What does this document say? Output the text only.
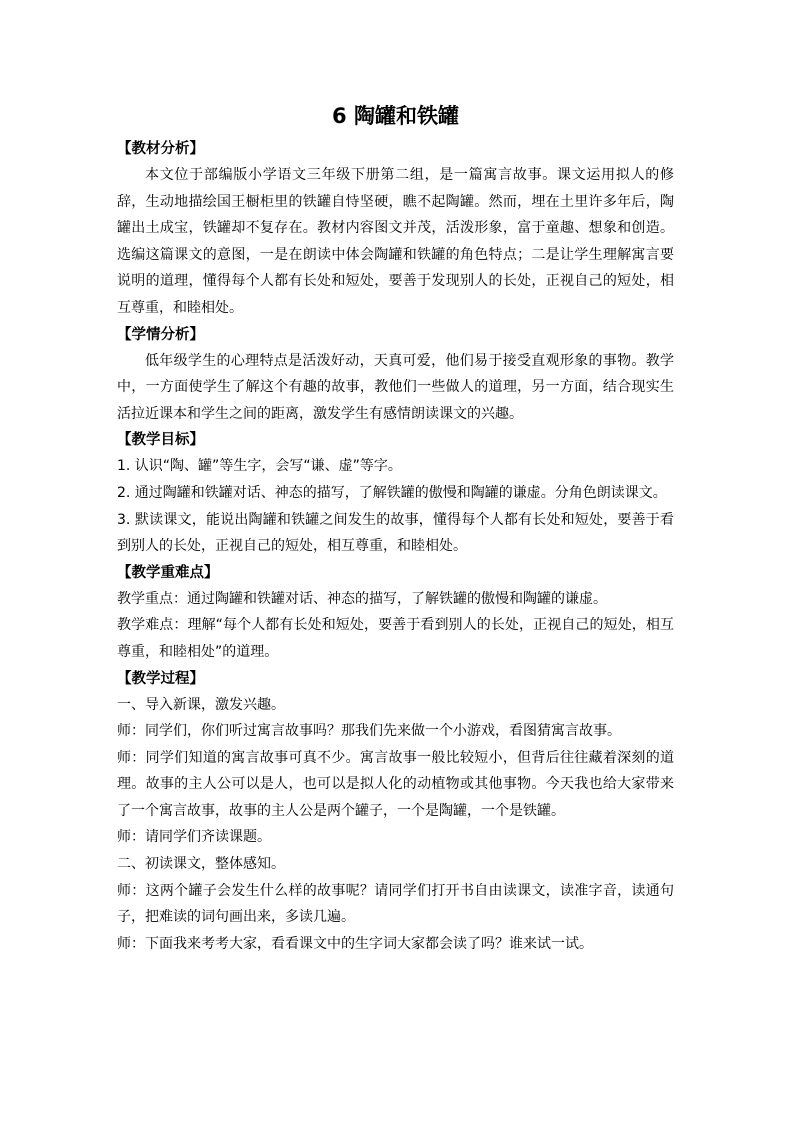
6 陶罐和铁罐

【教材分析】

本文位于部编版小学语文三年级下册第二组，是一篇寓言故事。课文运用拟人的修辞，生动地描绘国王橱柜里的铁罐自恃坚硬，瞧不起陶罐。然而，埋在土里许多年后，陶罐出土成宝，铁罐却不复存在。教材内容图文并茂，活泼形象，富于童趣、想象和创造。选编这篇课文的意图，一是在朗读中体会陶罐和铁罐的角色特点；二是让学生理解寓言要说明的道理，懂得每个人都有长处和短处，要善于发现别人的长处，正视自己的短处，相互尊重，和睦相处。

【学情分析】

低年级学生的心理特点是活泼好动，天真可爱，他们易于接受直观形象的事物。教学中，一方面使学生了解这个有趣的故事，教他们一些做人的道理，另一方面，结合现实生活拉近课本和学生之间的距离，激发学生有感情朗读课文的兴趣。

【教学目标】

1. 认识“陶、罐”等生字，会写“谦、虚”等字。

2. 通过陶罐和铁罐对话、神态的描写，了解铁罐的傲慢和陶罐的谦虚。分角色朗读课文。

3. 默读课文，能说出陶罐和铁罐之间发生的故事，懂得每个人都有长处和短处，要善于看到别人的长处，正视自己的短处，相互尊重，和睦相处。

【教学重难点】

教学重点：通过陶罐和铁罐对话、神态的描写，了解铁罐的傲慢和陶罐的谦虚。

教学难点：理解“每个人都有长处和短处，要善于看到别人的长处，正视自己的短处，相互尊重，和睦相处”的道理。

【教学过程】

一、导入新课，激发兴趣。

师：同学们，你们听过寓言故事吗？那我们先来做一个小游戏，看图猜寓言故事。

师：同学们知道的寓言故事可真不少。寓言故事一般比较短小，但背后往往藏着深刻的道理。故事的主人公可以是人，也可以是拟人化的动植物或其他事物。今天我也给大家带来了一个寓言故事，故事的主人公是两个罐子，一个是陶罐，一个是铁罐。

师：请同学们齐读课题。

二、初读课文，整体感知。

师：这两个罐子会发生什么样的故事呢？请同学们打开书自由读课文，读准字音，读通句子，把难读的词句画出来，多读几遍。

师：下面我来考考大家，看看课文中的生字词大家都会读了吗？谁来试一试。
